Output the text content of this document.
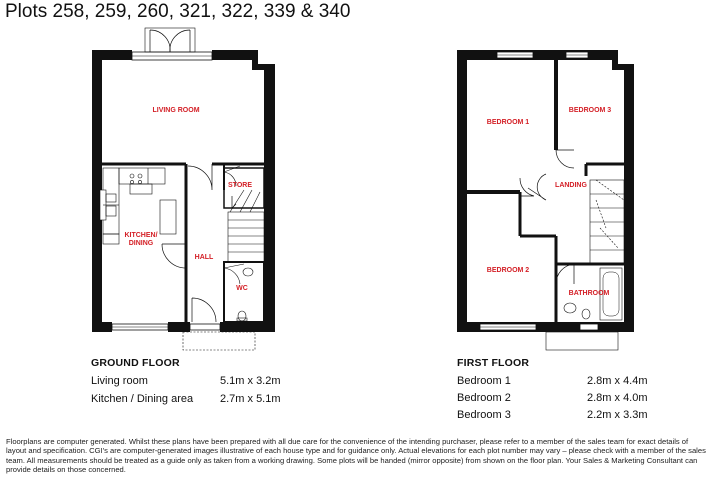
Plots 258, 259, 260, 321, 322, 339 & 340
LIVING ROOM
KITCHEN/
DINING
HALL
STORE
WC
BEDROOM 1
BEDROOM 3
BEDROOM 2
LANDING
BATHROOM
GROUND FLOOR
Living room	5.1m x 3.2m
Kitchen / Dining area 2.7m x 5.1m
FIRST FLOOR
Bedroom 1	2.8m x 4.4m
Bedroom 2	2.8m x 4.0m
Bedroom 3	2.2m x 3.3m
Floorplans are computer generated. Whilst these plans have been prepared with all due care for the convenience of the intending purchaser, please refer to a member of the sales team for exact details of layout and specification. CGI's are computer-generated images illustrative of each house type and for guidance only. Actual elevations for each plot number may vary – please check with a member of the sales team. All measurements should be treated as a guide only as taken from a working drawing. Some plots will be handed (mirror opposite) from shown on the floor plan. Your Sales & Marketing Consultant can provide details on those concerned.
